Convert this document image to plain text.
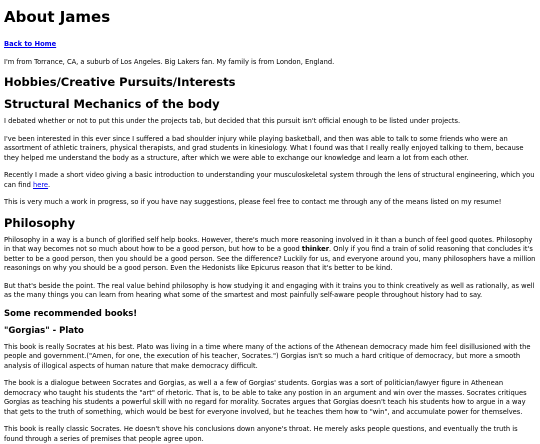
About James

Back to Home

I'm from Torrance, CA, a suburb of Los Angeles. Big Lakers fan. My family is from London, England.

Hobbies/Creative Pursuits/Interests
Structural Mechanics of the body

I debated whether or not to put this under the projects tab, but decided that this pursuit isn't official enough to be listed under projects.

I've been interested in this ever since I suffered a bad shoulder injury while playing basketball, and then was able to talk to some friends who were an assortment of athletic trainers, physical therapists, and grad students in kinesiology. What I found was that I really really enjoyed talking to them, because they helped me understand the body as a structure, after which we were able to exchange our knowledge and learn a lot from each other.

Recently I made a short video giving a basic introduction to understanding your musculoskeletal system through the lens of structural engineering, which you can find here.

This is very much a work in progress, so if you have nay suggestions, please feel free to contact me through any of the means listed on my resume!

Philosophy

Philosophy in a way is a bunch of glorified self help books. However, there's much more reasoning involved in it than a bunch of feel good quotes. Philosophy in that way becomes not so much about how to be a good person, but how to be a good thinker. Only if you find a train of solid reasoning that concludes it's better to be a good person, then you should be a good person. See the difference? Luckily for us, and everyone around you, many philosophers have a million reasonings on why you should be a good person. Even the Hedonists like Epicurus reason that it's better to be kind.

But that's beside the point. The real value behind philosophy is how studying it and engaging with it trains you to think creatively as well as rationally, as well as the many things you can learn from hearing what some of the smartest and most painfully self-aware people throughout history had to say.

Some recommended books!
"Gorgias" - Plato

This book is really Socrates at his best. Plato was living in a time where many of the actions of the Athenean democracy made him feel disillusioned with the people and government.("Amen, for one, the execution of his teacher, Socrates.") Gorgias isn't so much a hard critique of democracy, but more a smooth analysis of illogical aspects of human nature that make democracy difficult.

The book is a dialogue between Socrates and Gorgias, as well a a few of Gorgias' students. Gorgias was a sort of politician/lawyer figure in Athenean democracy who taught his students the "art" of rhetoric. That is, to be able to take any postion in an argument and win over the masses. Socrates critiques Gorgias as teaching his students a powerful skill with no regard for morality. Socrates argues that Gorgias doesn't teach his students how to argue in a way that gets to the truth of something, which would be best for everyone involved, but he teaches them how to "win", and accumulate power for themselves.

This book is really classic Socrates. He doesn't shove his conclusions down anyone's throat. He merely asks people questions, and eventually the truth is found through a series of premises that people agree upon.
